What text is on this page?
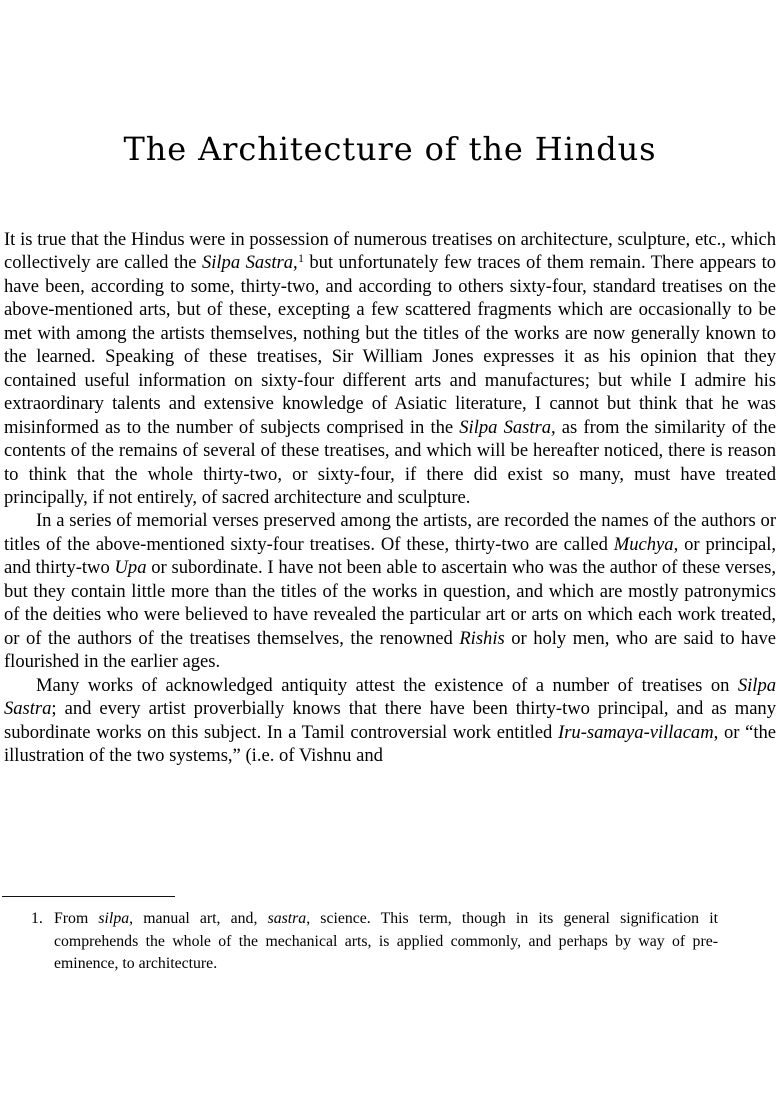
The Architecture of the Hindus

It is true that the Hindus were in possession of numerous treatises on architecture, sculpture, etc., which collectively are called the Silpa Sastra,$^1$ but unfortunately few traces of them remain. There appears to have been, according to some, thirty-two, and according to others sixty-four, standard treatises on the above-mentioned arts, but of these, excepting a few scattered fragments which are occasionally to be met with among the artists themselves, nothing but the titles of the works are now generally known to the learned. Speaking of these treatises, Sir William Jones expresses it as his opinion that they contained useful information on sixty-four different arts and manufactures; but while I admire his extraordinary talents and extensive knowledge of Asiatic literature, I cannot but think that he was misinformed as to the number of subjects comprised in the Silpa Sastra, as from the similarity of the contents of the remains of several of these treatises, and which will be hereafter noticed, there is reason to think that the whole thirty-two, or sixty-four, if there did exist so many, must have treated principally, if not entirely, of sacred architecture and sculpture.

In a series of memorial verses preserved among the artists, are recorded the names of the authors or titles of the above-mentioned sixty-four treatises. Of these, thirty-two are called Muchya, or principal, and thirty-two Upa or subordinate. I have not been able to ascertain who was the author of these verses, but they contain little more than the titles of the works in question, and which are mostly patronymics of the deities who were believed to have revealed the particular art or arts on which each work treated, or of the authors of the treatises themselves, the renowned Rishis or holy men, who are said to have flourished in the earlier ages.

Many works of acknowledged antiquity attest the existence of a number of treatises on Silpa Sastra; and every artist proverbially knows that there have been thirty-two principal, and as many subordinate works on this subject. In a Tamil controversial work entitled Iru-samaya-villacam, or “the illustration of the two systems,” (i.e. of Vishnu and

1. From silpa, manual art, and, sastra, science. This term, though in its general signification it comprehends the whole of the mechanical arts, is applied commonly, and perhaps by way of pre-eminence, to architecture.
